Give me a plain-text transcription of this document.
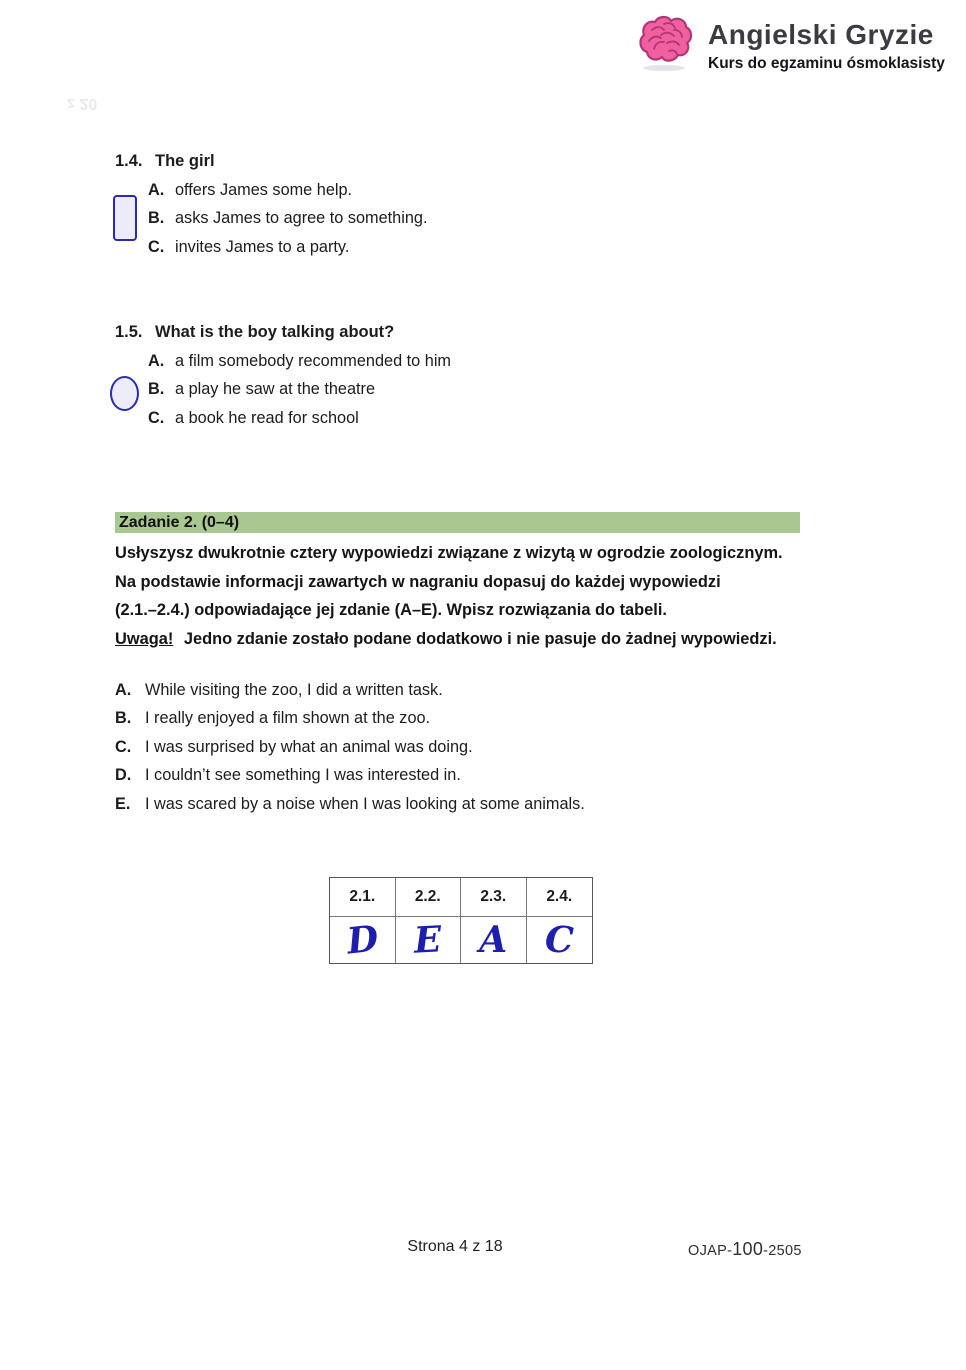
Angielski Gryzie
Kurs do egzaminu ósmoklasisty
z 20
1.4. The girl
A. offers James some help.
B. asks James to agree to something.
C. invites James to a party.
1.5. What is the boy talking about?
A. a film somebody recommended to him
B. a play he saw at the theatre
C. a book he read for school
Zadanie 2. (0–4)
Usłyszysz dwukrotnie cztery wypowiedzi związane z wizytą w ogrodzie zoologicznym.
Na podstawie informacji zawartych w nagraniu dopasuj do każdej wypowiedzi
(2.1.–2.4.) odpowiadające jej zdanie (A–E). Wpisz rozwiązania do tabeli.
Uwaga! Jedno zdanie zostało podane dodatkowo i nie pasuje do żadnej wypowiedzi.
A. While visiting the zoo, I did a written task.
B. I really enjoyed a film shown at the zoo.
C. I was surprised by what an animal was doing.
D. I couldn’t see something I was interested in.
E. I was scared by a noise when I was looking at some animals.
2.1.	2.2.	2.3.	2.4.
D E A C
Strona 4 z 18	OJAP-100-2505
